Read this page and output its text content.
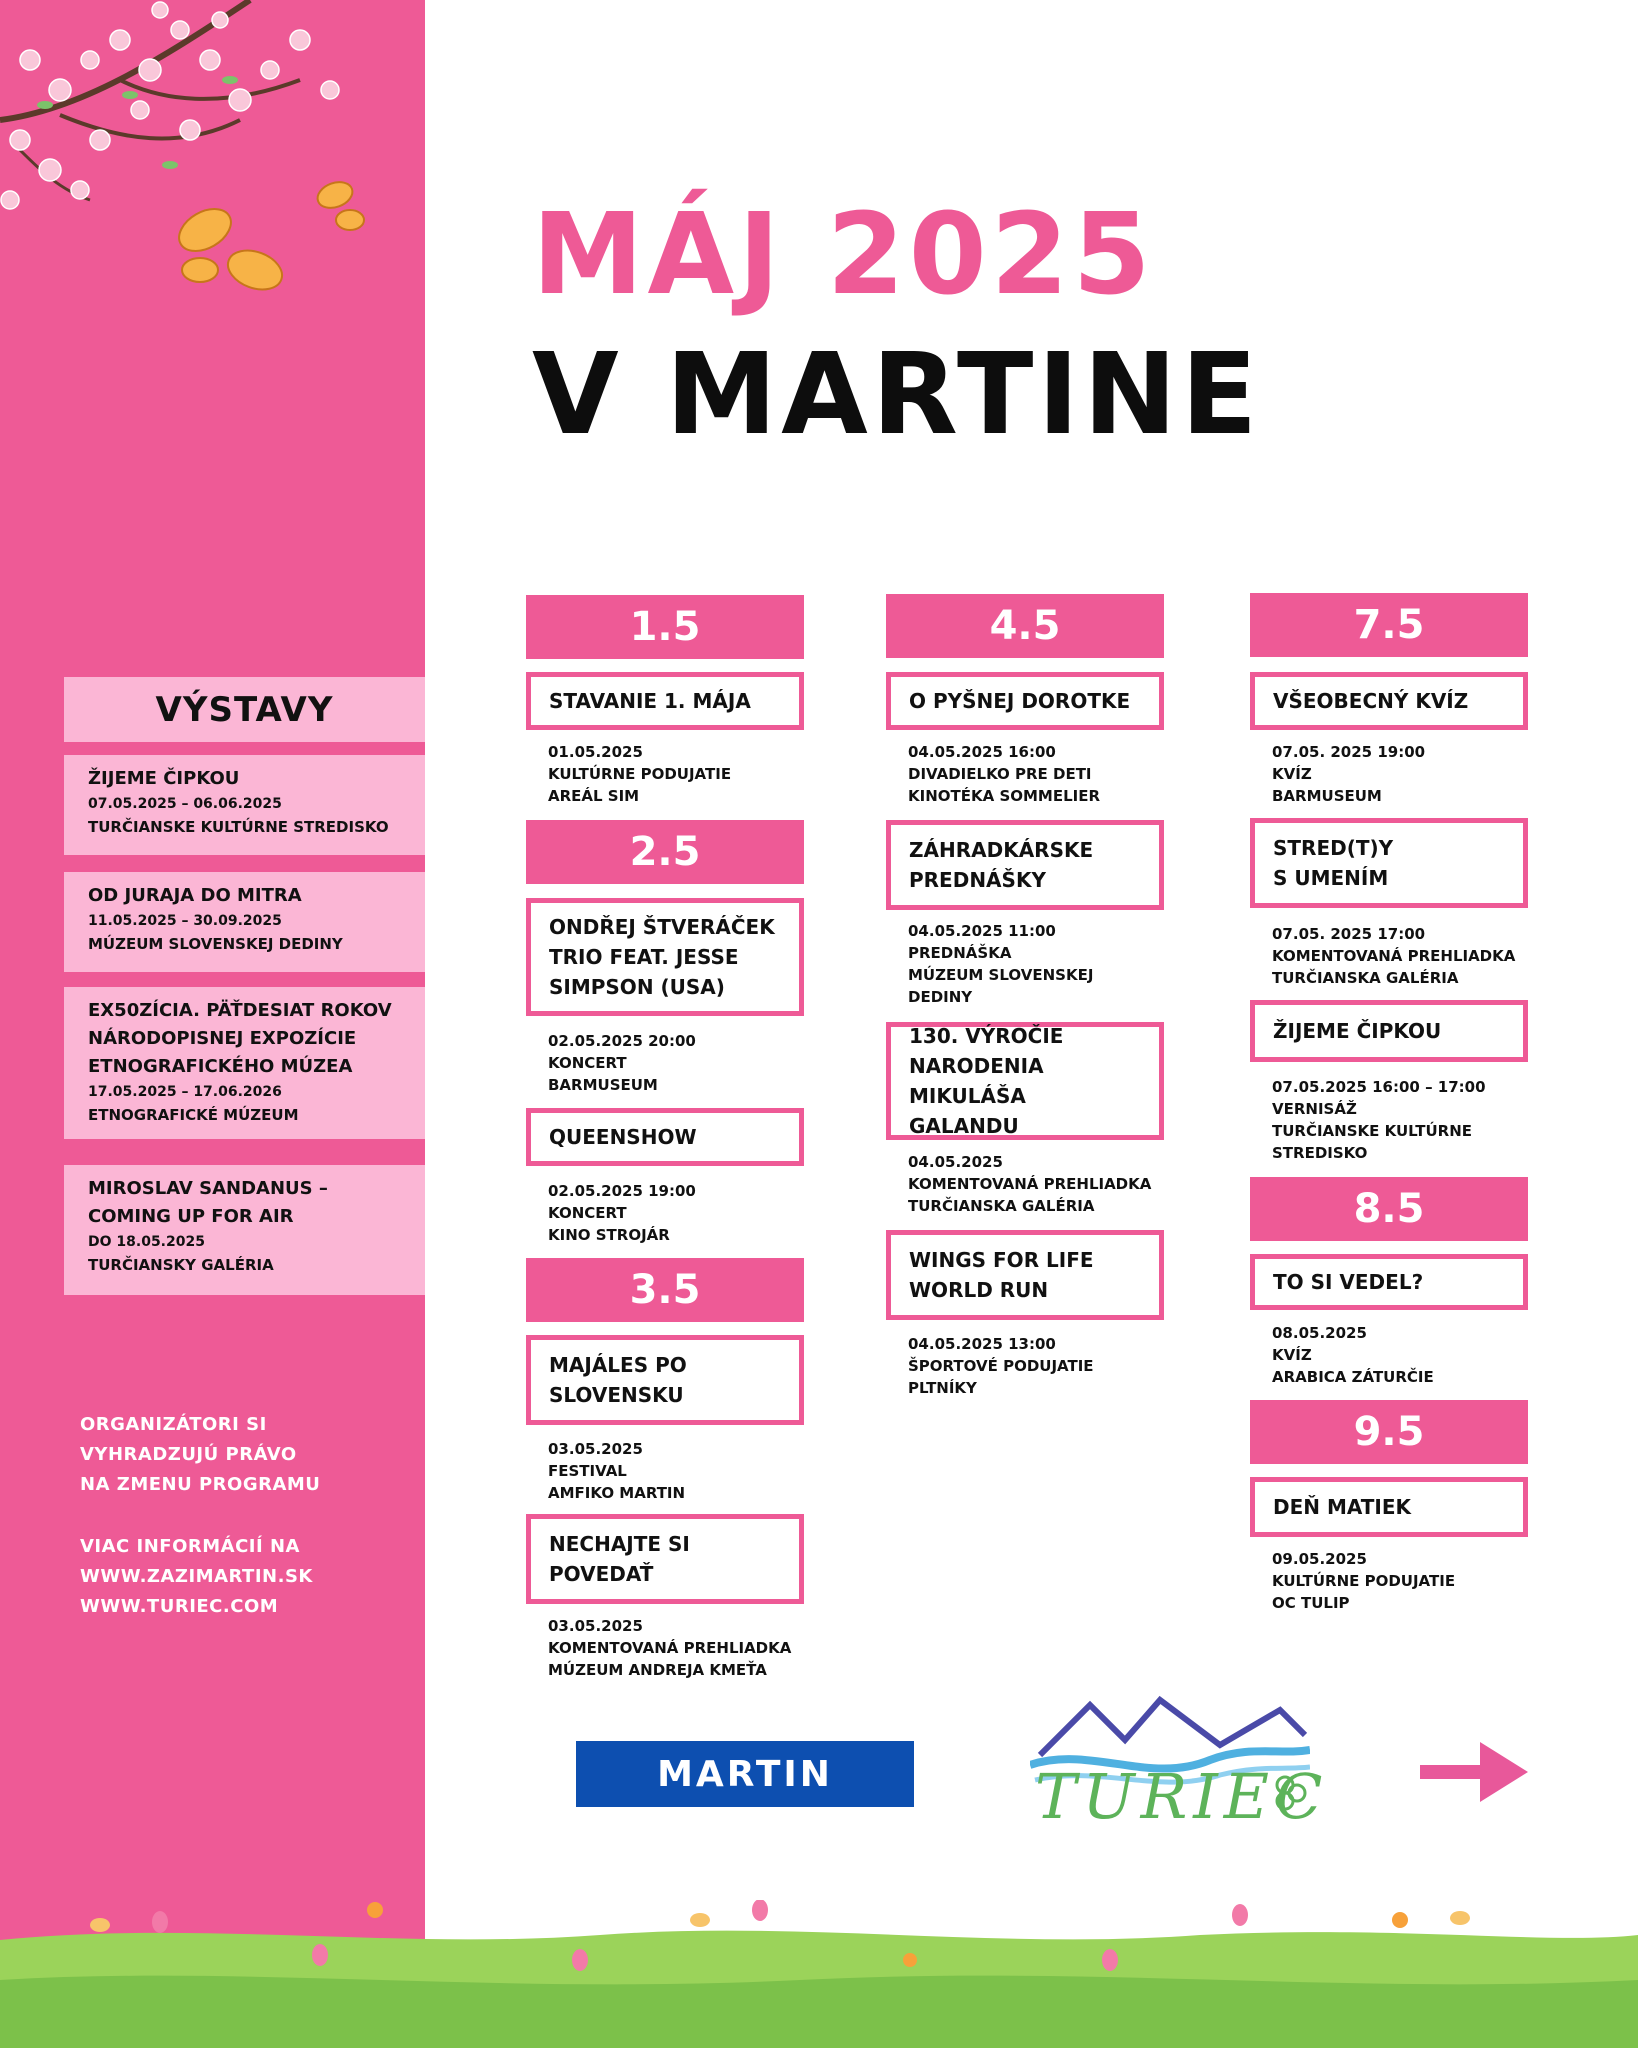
VÝSTAVY
ŽIJEME ČIPKOU
07.05.2025 – 06.06.2025
TURČIANSKE KULTÚRNE STREDISKO
OD JURAJA DO MITRA
11.05.2025 – 30.09.2025
MÚZEUM SLOVENSKEJ DEDINY
EX50ZÍCIA. PÄŤDESIAT ROKOV NÁRODOPISNEJ EXPOZÍCIE ETNOGRAFICKÉHO MÚZEA
17.05.2025 – 17.06.2026
ETNOGRAFICKÉ MÚZEUM
MIROSLAV SANDANUS – COMING UP FOR AIR
DO 18.05.2025
TURČIANSKY GALÉRIA
ORGANIZÁTORI SI
VYHRADZUJÚ PRÁVO
NA ZMENU PROGRAMU
VIAC INFORMÁCIÍ NA
WWW.ZAZIMARTIN.SK
WWW.TURIEC.COM
MÁJ 2025
V MARTINE
1.5
STAVANIE 1. MÁJA
01.05.2025
KULTÚRNE PODUJATIE
AREÁL SIM
2.5
ONDŘEJ ŠTVERÁČEK
TRIO FEAT. JESSE
SIMPSON (USA)
02.05.2025 20:00
KONCERT
BARMUSEUM
QUEENSHOW
02.05.2025 19:00
KONCERT
KINO STROJÁR
3.5
MAJÁLES PO
SLOVENSKU
03.05.2025
FESTIVAL
AMFIKO MARTIN
NECHAJTE SI
POVEDAŤ
03.05.2025
KOMENTOVANÁ PREHLIADKA
MÚZEUM ANDREJA KMEŤA
4.5
O PYŠNEJ DOROTKE
04.05.2025 16:00
DIVADIELKO PRE DETI
KINOTÉKA SOMMELIER
ZÁHRADKÁRSKE
PREDNÁŠKY
04.05.2025 11:00
PREDNÁŠKA
MÚZEUM SLOVENSKEJ
DEDINY
130. VÝROČIE
NARODENIA
MIKULÁŠA GALANDU
04.05.2025
KOMENTOVANÁ PREHLIADKA
TURČIANSKA GALÉRIA
WINGS FOR LIFE
WORLD RUN
04.05.2025 13:00
ŠPORTOVÉ PODUJATIE
PLTNÍKY
7.5
VŠEOBECNÝ KVÍZ
07.05. 2025 19:00
KVÍZ
BARMUSEUM
STRED(T)Y
S UMENÍM
07.05. 2025 17:00
KOMENTOVANÁ PREHLIADKA
TURČIANSKA GALÉRIA
ŽIJEME ČIPKOU
07.05.2025 16:00 – 17:00
VERNISÁŽ
TURČIANSKE KULTÚRNE
STREDISKO
8.5
TO SI VEDEL?
08.05.2025
KVÍZ
ARABICA ZÁTURČIE
9.5
DEŇ MATIEK
09.05.2025
KULTÚRNE PODUJATIE
OC TULIP
MARTIN	TURIEC
